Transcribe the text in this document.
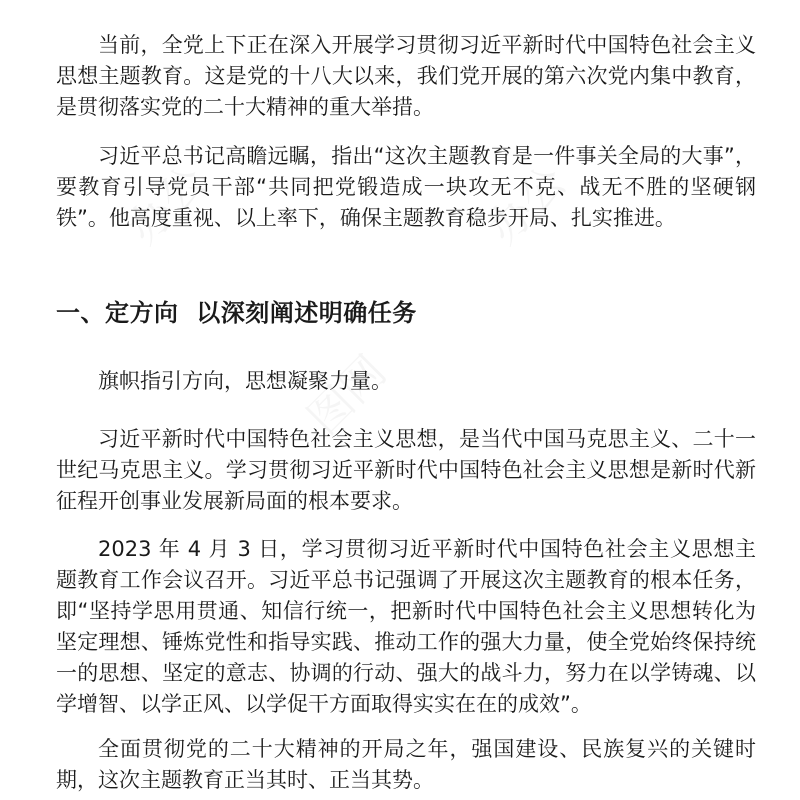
当前，全党上下正在深入开展学习贯彻习近平新时代中国特色社会主义思想主题教育。这是党的十八大以来，我们党开展的第六次党内集中教育，是贯彻落实党的二十大精神的重大举措。

习近平总书记高瞻远瞩，指出“这次主题教育是一件事关全局的大事”，要教育引导党员干部“共同把党锻造成一块攻无不克、战无不胜的坚硬钢铁”。他高度重视、以上率下，确保主题教育稳步开局、扎实推进。

一、定方向  以深刻阐述明确任务

旗帜指引方向，思想凝聚力量。

习近平新时代中国特色社会主义思想，是当代中国马克思主义、二十一世纪马克思主义。学习贯彻习近平新时代中国特色社会主义思想是新时代新征程开创事业发展新局面的根本要求。

2023 年 4 月 3 日，学习贯彻习近平新时代中国特色社会主义思想主题教育工作会议召开。习近平总书记强调了开展这次主题教育的根本任务，即“坚持学思用贯通、知信行统一，把新时代中国特色社会主义思想转化为坚定理想、锤炼党性和指导实践、推动工作的强大力量，使全党始终保持统一的思想、坚定的意志、协调的行动、强大的战斗力，努力在以学铸魂、以学增智、以学正风、以学促干方面取得实实在在的成效”。

全面贯彻党的二十大精神的开局之年，强国建设、民族复兴的关键时期，这次主题教育正当其时、正当其势。
